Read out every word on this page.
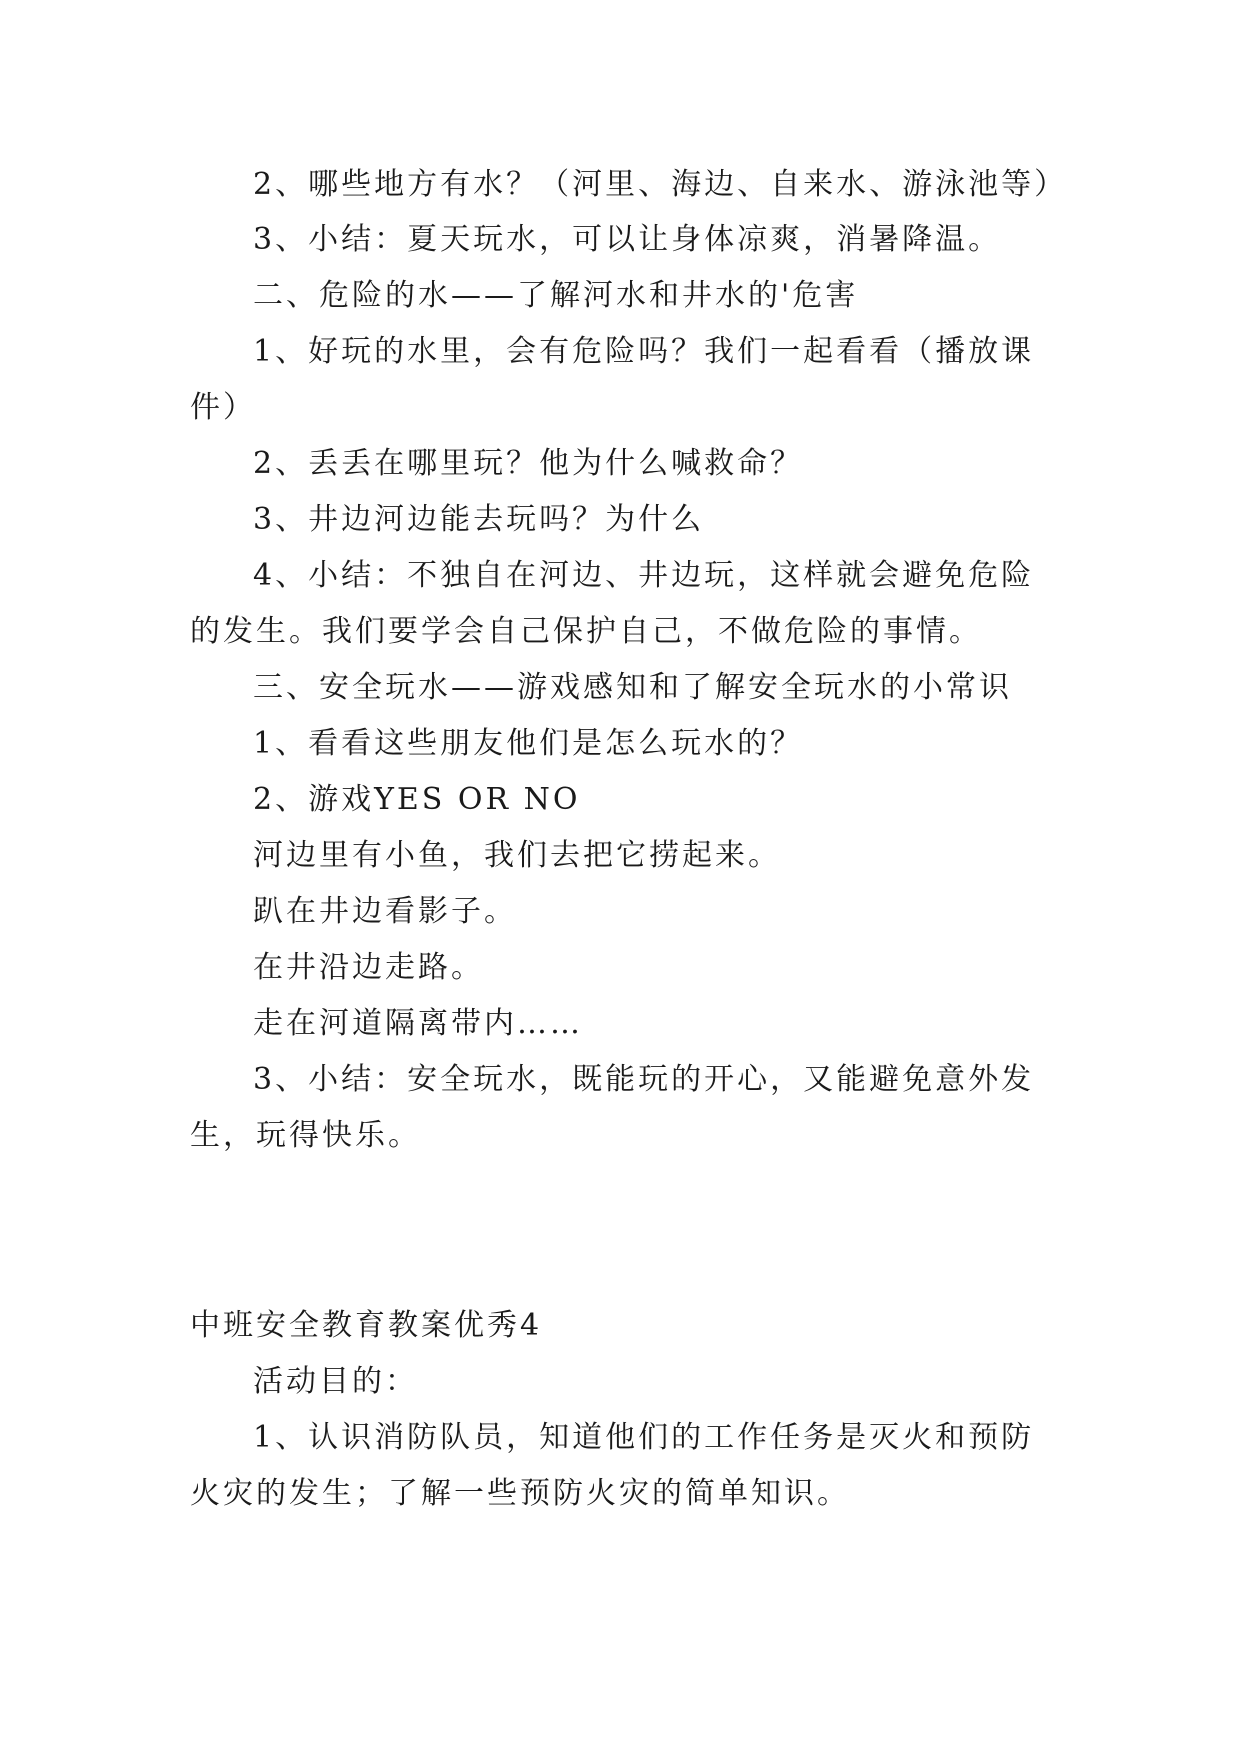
2、哪些地方有水？（河里、海边、自来水、游泳池等）
3、小结：夏天玩水，可以让身体凉爽，消暑降温。
二、危险的水——了解河水和井水的'危害
1、好玩的水里，会有危险吗？我们一起看看（播放课
件）
2、丢丢在哪里玩？他为什么喊救命？
3、井边河边能去玩吗？为什么
4、小结：不独自在河边、井边玩，这样就会避免危险
的发生。我们要学会自己保护自己，不做危险的事情。
三、安全玩水——游戏感知和了解安全玩水的小常识
1、看看这些朋友他们是怎么玩水的？
2、游戏YES OR NO
河边里有小鱼，我们去把它捞起来。
趴在井边看影子。
在井沿边走路。
走在河道隔离带内……
3、小结：安全玩水，既能玩的开心，又能避免意外发
生，玩得快乐。
中班安全教育教案优秀4
活动目的：
1、认识消防队员，知道他们的工作任务是灭火和预防
火灾的发生；了解一些预防火灾的简单知识。
